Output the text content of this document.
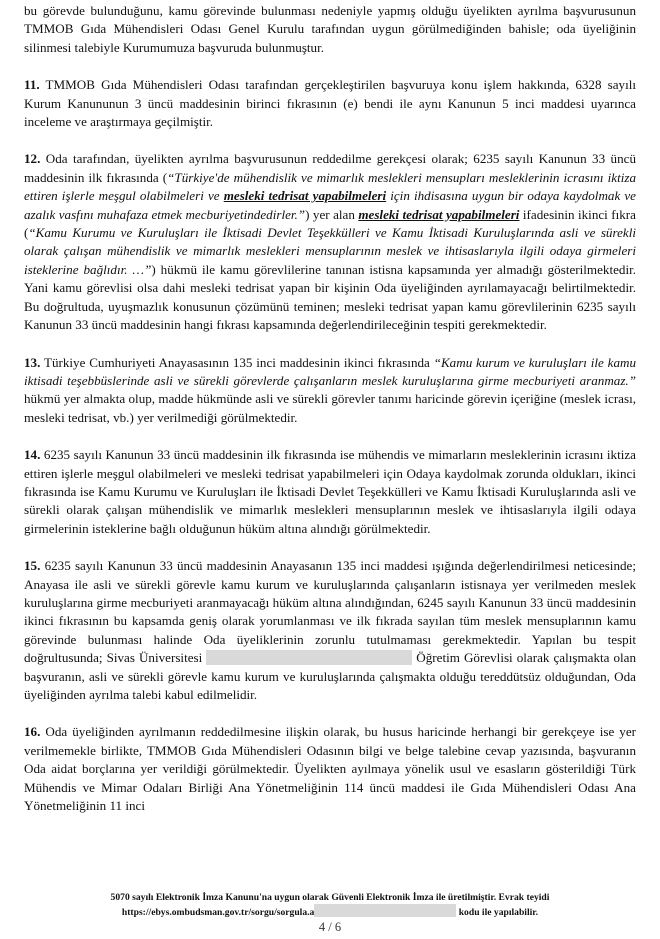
bu görevde bulunduğunu, kamu görevinde bulunması nedeniyle yapmış olduğu üyelikten ayrılma başvurusunun TMMOB Gıda Mühendisleri Odası Genel Kurulu tarafından uygun görülmediğinden bahisle; oda üyeliğinin silinmesi talebiyle Kurumumuza başvuruda bulunmuştur.

11. TMMOB Gıda Mühendisleri Odası tarafından gerçekleştirilen başvuruya konu işlem hakkında, 6328 sayılı Kurum Kanununun 3 üncü maddesinin birinci fıkrasının (e) bendi ile aynı Kanunun 5 inci maddesi uyarınca inceleme ve araştırmaya geçilmiştir.

12. Oda tarafından, üyelikten ayrılma başvurusunun reddedilme gerekçesi olarak; 6235 sayılı Kanunun 33 üncü maddesinin ilk fıkrasında (“Türkiye'de mühendislik ve mimarlık meslekleri mensupları mesleklerinin icrasını iktiza ettiren işlerle meşgul olabilmeleri ve mesleki tedrisat yapabilmeleri için ihdisasına uygun bir odaya kaydolmak ve azalık vasfını muhafaza etmek mecburiyetindedirler.”) yer alan mesleki tedrisat yapabilmeleri ifadesinin ikinci fıkra (“Kamu Kurumu ve Kuruluşları ile İktisadi Devlet Teşekkülleri ve Kamu İktisadi Kuruluşlarında asli ve sürekli olarak çalışan mühendislik ve mimarlık meslekleri mensuplarının meslek ve ihtisaslarıyla ilgili odaya girmeleri isteklerine bağlıdır. …”) hükmü ile kamu görevlilerine tanınan istisna kapsamında yer almadığı gösterilmektedir. Yani kamu görevlisi olsa dahi mesleki tedrisat yapan bir kişinin Oda üyeliğinden ayrılamayacağı belirtilmektedir. Bu doğrultuda, uyuşmazlık konusunun çözümünü teminen; mesleki tedrisat yapan kamu görevlilerinin 6235 sayılı Kanunun 33 üncü maddesinin hangi fıkrası kapsamında değerlendirileceğinin tespiti gerekmektedir.

13. Türkiye Cumhuriyeti Anayasasının 135 inci maddesinin ikinci fıkrasında “Kamu kurum ve kuruluşları ile kamu iktisadi teşebbüslerinde asli ve sürekli görevlerde çalışanların meslek kuruluşlarına girme mecburiyeti aranmaz.” hükmü yer almakta olup, madde hükmünde asli ve sürekli görevler tanımı haricinde görevin içeriğine (meslek icrası, mesleki tedrisat, vb.) yer verilmediği görülmektedir.

14. 6235 sayılı Kanunun 33 üncü maddesinin ilk fıkrasında ise mühendis ve mimarların mesleklerinin icrasını iktiza ettiren işlerle meşgul olabilmeleri ve mesleki tedrisat yapabilmeleri için Odaya kaydolmak zorunda oldukları, ikinci fıkrasında ise Kamu Kurumu ve Kuruluşları ile İktisadi Devlet Teşekkülleri ve Kamu İktisadi Kuruluşlarında asli ve sürekli olarak çalışan mühendislik ve mimarlık meslekleri mensuplarının meslek ve ihtisaslarıyla ilgili odaya girmelerinin isteklerine bağlı olduğunun hüküm altına alındığı görülmektedir.

15. 6235 sayılı Kanunun 33 üncü maddesinin Anayasanın 135 inci maddesi ışığında değerlendirilmesi neticesinde; Anayasa ile asli ve sürekli görevle kamu kurum ve kuruluşlarında çalışanların istisnaya yer verilmeden meslek kuruluşlarına girme mecburiyeti aranmayacağı hüküm altına alındığından, 6245 sayılı Kanunun 33 üncü maddesinin ikinci fıkrasının bu kapsamda geniş olarak yorumlanması ve ilk fıkrada sayılan tüm meslek mensuplarının kamu görevinde bulunması halinde Oda üyeliklerinin zorunlu tutulmaması gerekmektedir. Yapılan bu tespit doğrultusunda; Sivas Üniversitesi	Öğretim Görevlisi olarak çalışmakta olan başvuranın, asli ve sürekli görevle kamu kurum ve kuruluşlarında çalışmakta olduğu tereddütsüz olduğundan, Oda üyeliğinden ayrılma talebi kabul edilmelidir.

16. Oda üyeliğinden ayrılmanın reddedilmesine ilişkin olarak, bu husus haricinde herhangi bir gerekçeye ise yer verilmemekle birlikte, TMMOB Gıda Mühendisleri Odasının bilgi ve belge talebine cevap yazısında, başvuranın Oda aidat borçlarına yer verildiği görülmektedir. Üyelikten ayılmaya yönelik usul ve esasların gösterildiği Türk Mühendis ve Mimar Odaları Birliği Ana Yönetmeliğinin 114 üncü maddesi ile Gıda Mühendisleri Odası Ana Yönetmeliğinin 11 inci

5070 sayılı Elektronik İmza Kanunu'na uygun olarak Güvenli Elektronik İmza ile üretilmiştir. Evrak teyidi
https://ebys.ombudsman.gov.tr/sorgu/sorgula.a	kodu ile yapılabilir.
4 / 6
